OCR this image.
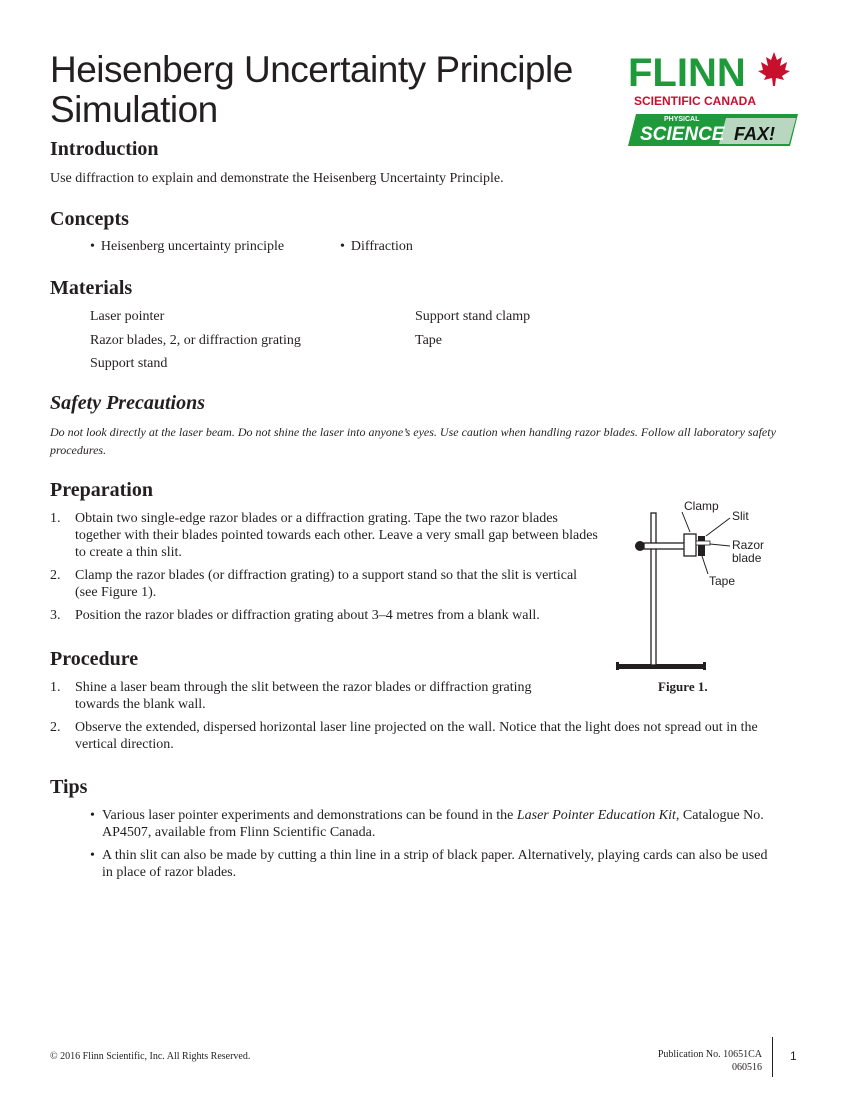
Heisenberg Uncertainty Principle Simulation
FLINN
SCIENTIFIC CANADA
PHYSICAL
SCIENCE FAX!
Introduction
Use diffraction to explain and demonstrate the Heisenberg Uncertainty Principle.
Concepts
• Heisenberg uncertainty principle
•	Diffraction
Materials
Laser pointer
Razor blades, 2, or diffraction grating
Support stand
Support stand clamp
Tape
Safety Precautions
Do not look directly at the laser beam. Do not shine the laser into anyone’s eyes. Use caution when handling razor blades. Follow all laboratory safety procedures.
Preparation
1. Obtain two single-edge razor blades or a diffraction grating. Tape the two razor blades together with their blades pointed towards each other. Leave a very small gap between blades to create a thin slit.
2. Clamp the razor blades (or diffraction grating) to a support stand so that the slit is vertical (see Figure 1).
3. Position the razor blades or diffraction grating about 3–4 metres from a blank wall.
Clamp
Slit
Razor
blade
Tape
Figure 1.
Procedure
1. Shine a laser beam through the slit between the razor blades or diffraction grating towards the blank wall.
2. Observe the extended, dispersed horizontal laser line projected on the wall. Notice that the light does not spread out in the vertical direction.
Tips
• Various laser pointer experiments and demonstrations can be found in the Laser Pointer Education Kit, Catalogue No. AP4507, available from Flinn Scientific Canada.
• A thin slit can also be made by cutting a thin line in a strip of black paper. Alternatively, playing cards can also be used in place of razor blades.
© 2016 Flinn Scientific, Inc. All Rights Reserved.	Publication No. 10651CA
060516
1
